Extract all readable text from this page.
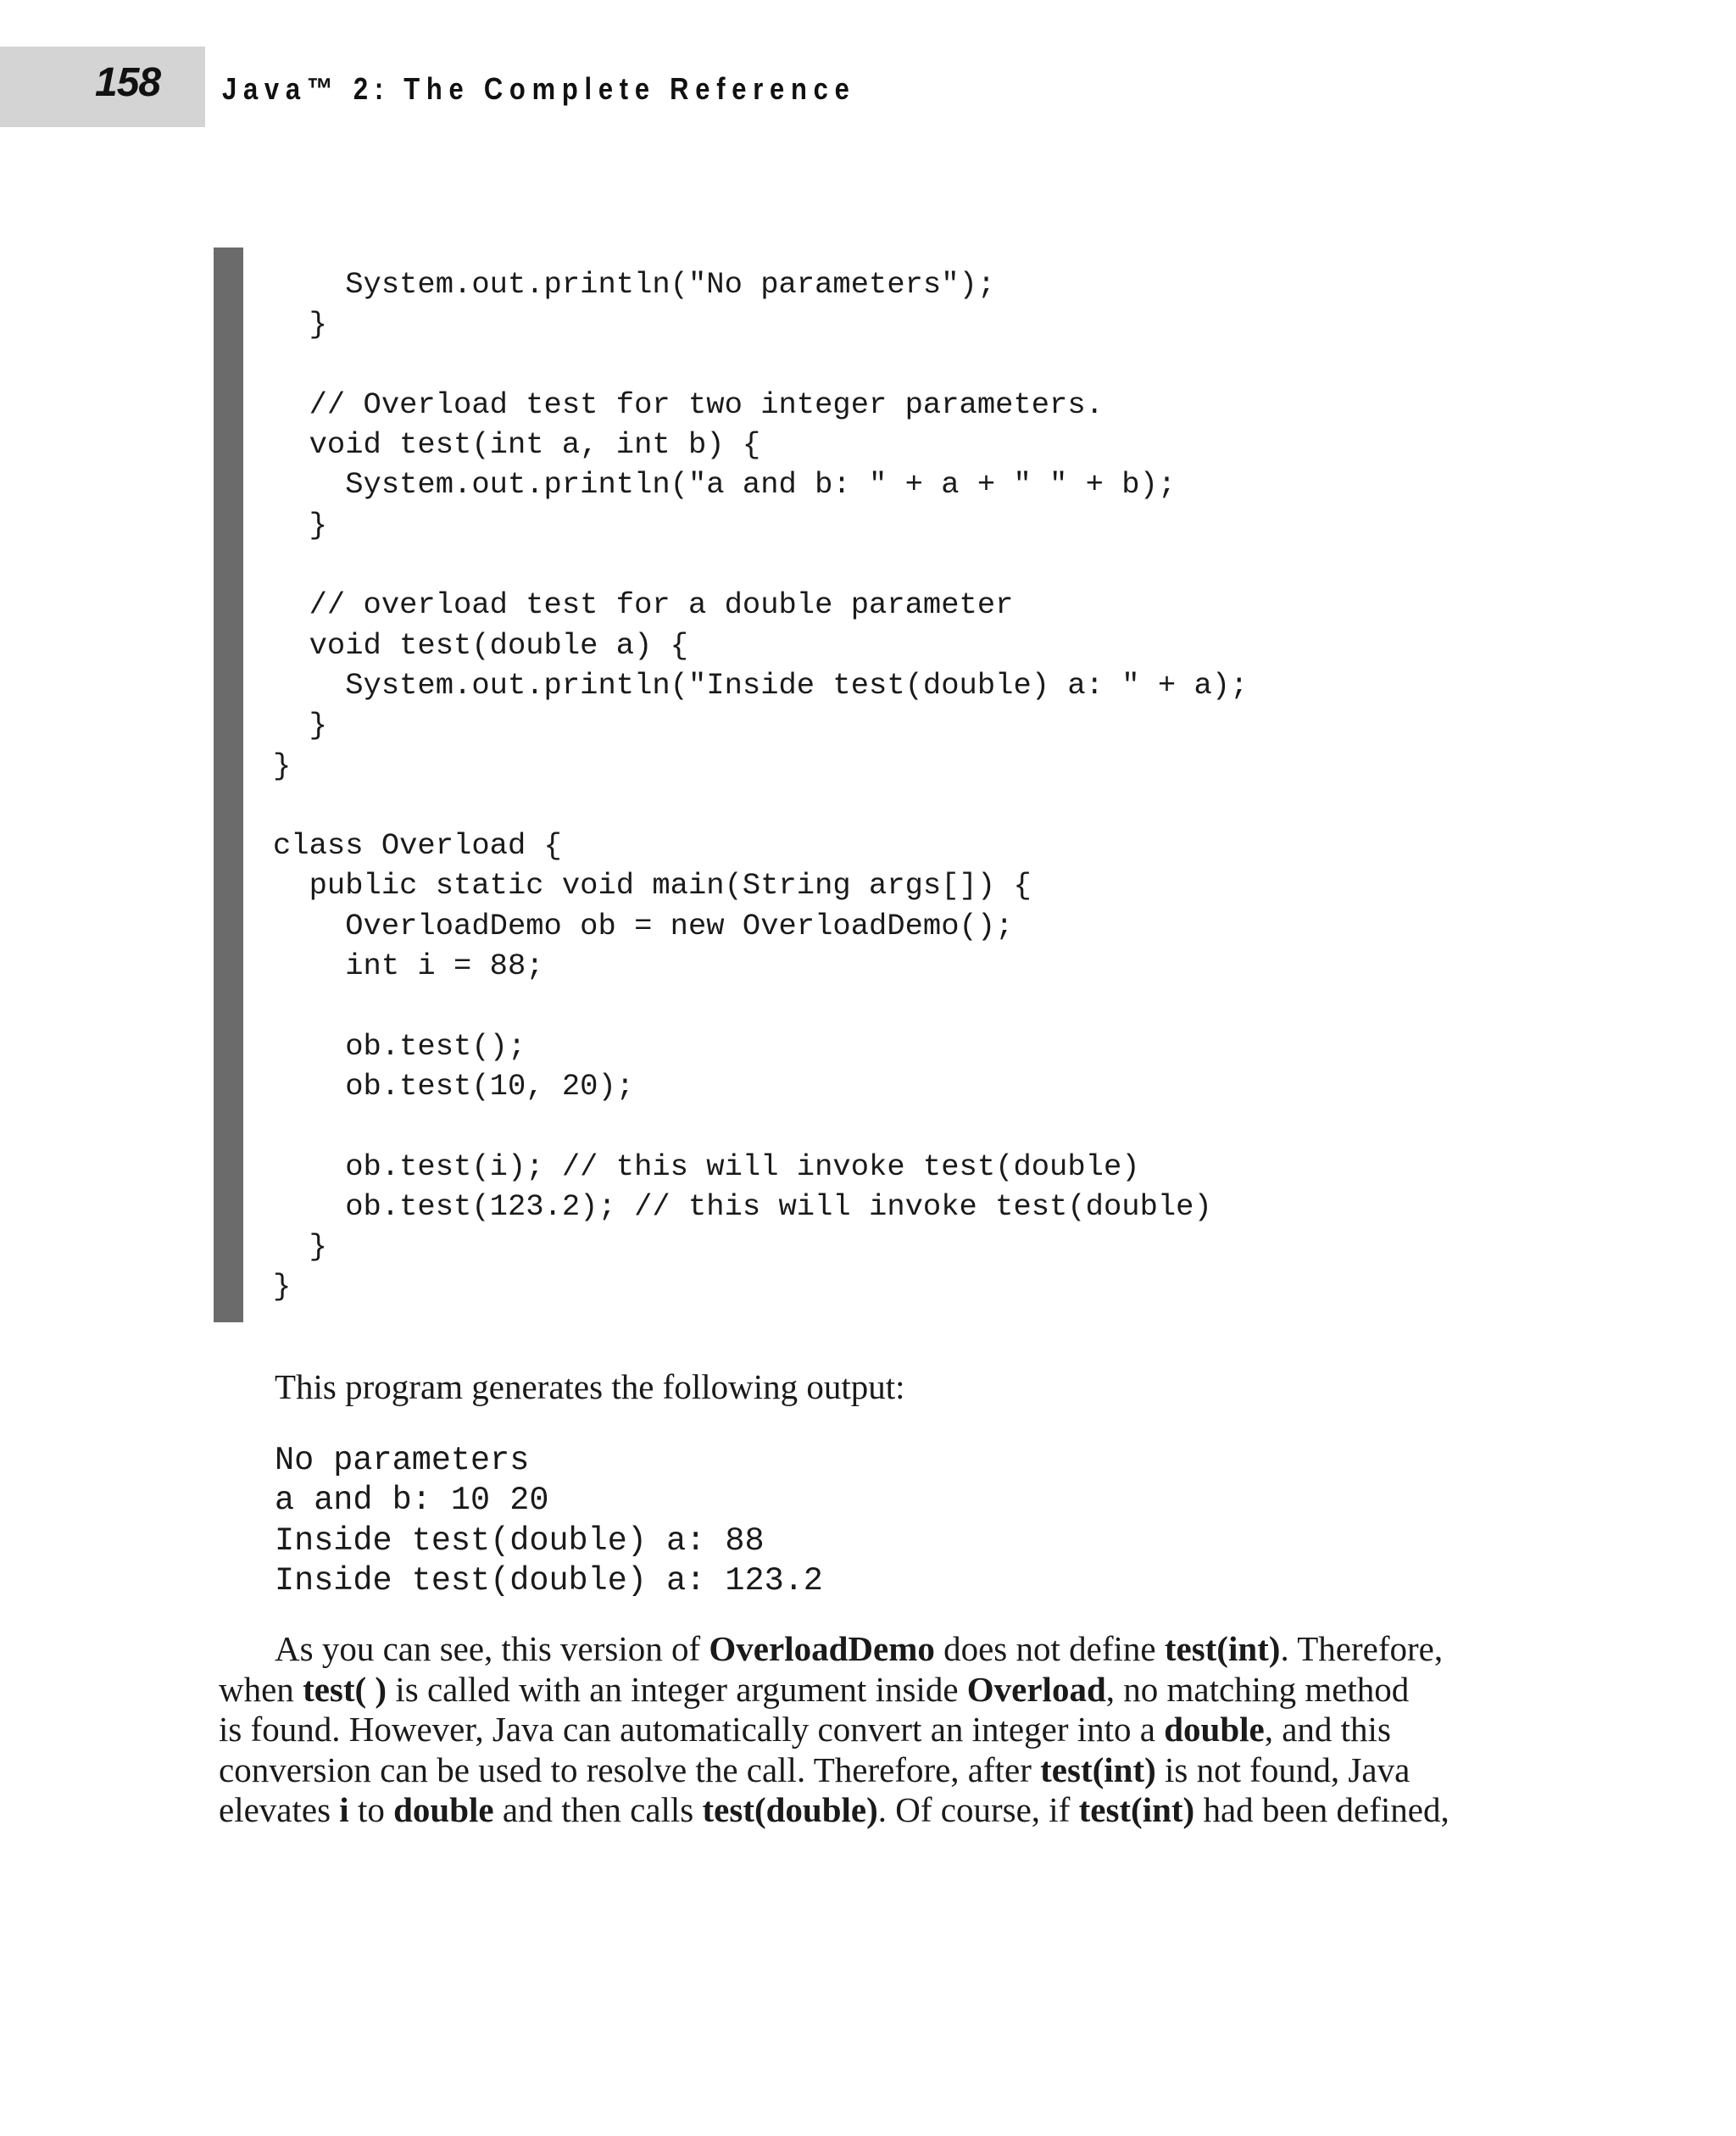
158 Java™ 2: The Complete Reference
System.out.println("No parameters");
}

// Overload test for two integer parameters.
void test(int a, int b) {
System.out.println("a and b: " + a + " " + b);
}

// overload test for a double parameter
void test(double a) {
System.out.println("Inside test(double) a: " + a);
}
}

class Overload {
public static void main(String args[]) {
OverloadDemo ob = new OverloadDemo();
int i = 88;

ob.test();
ob.test(10, 20);

ob.test(i); // this will invoke test(double)
ob.test(123.2); // this will invoke test(double)
}
}
This program generates the following output:
No parameters
a and b: 10 20
Inside test(double) a: 88
Inside test(double) a: 123.2
As you can see, this version of OverloadDemo does not define test(int). Therefore,
when test( ) is called with an integer argument inside Overload, no matching method
is found. However, Java can automatically convert an integer into a double, and this
conversion can be used to resolve the call. Therefore, after test(int) is not found, Java
elevates i to double and then calls test(double). Of course, if test(int) had been defined,
